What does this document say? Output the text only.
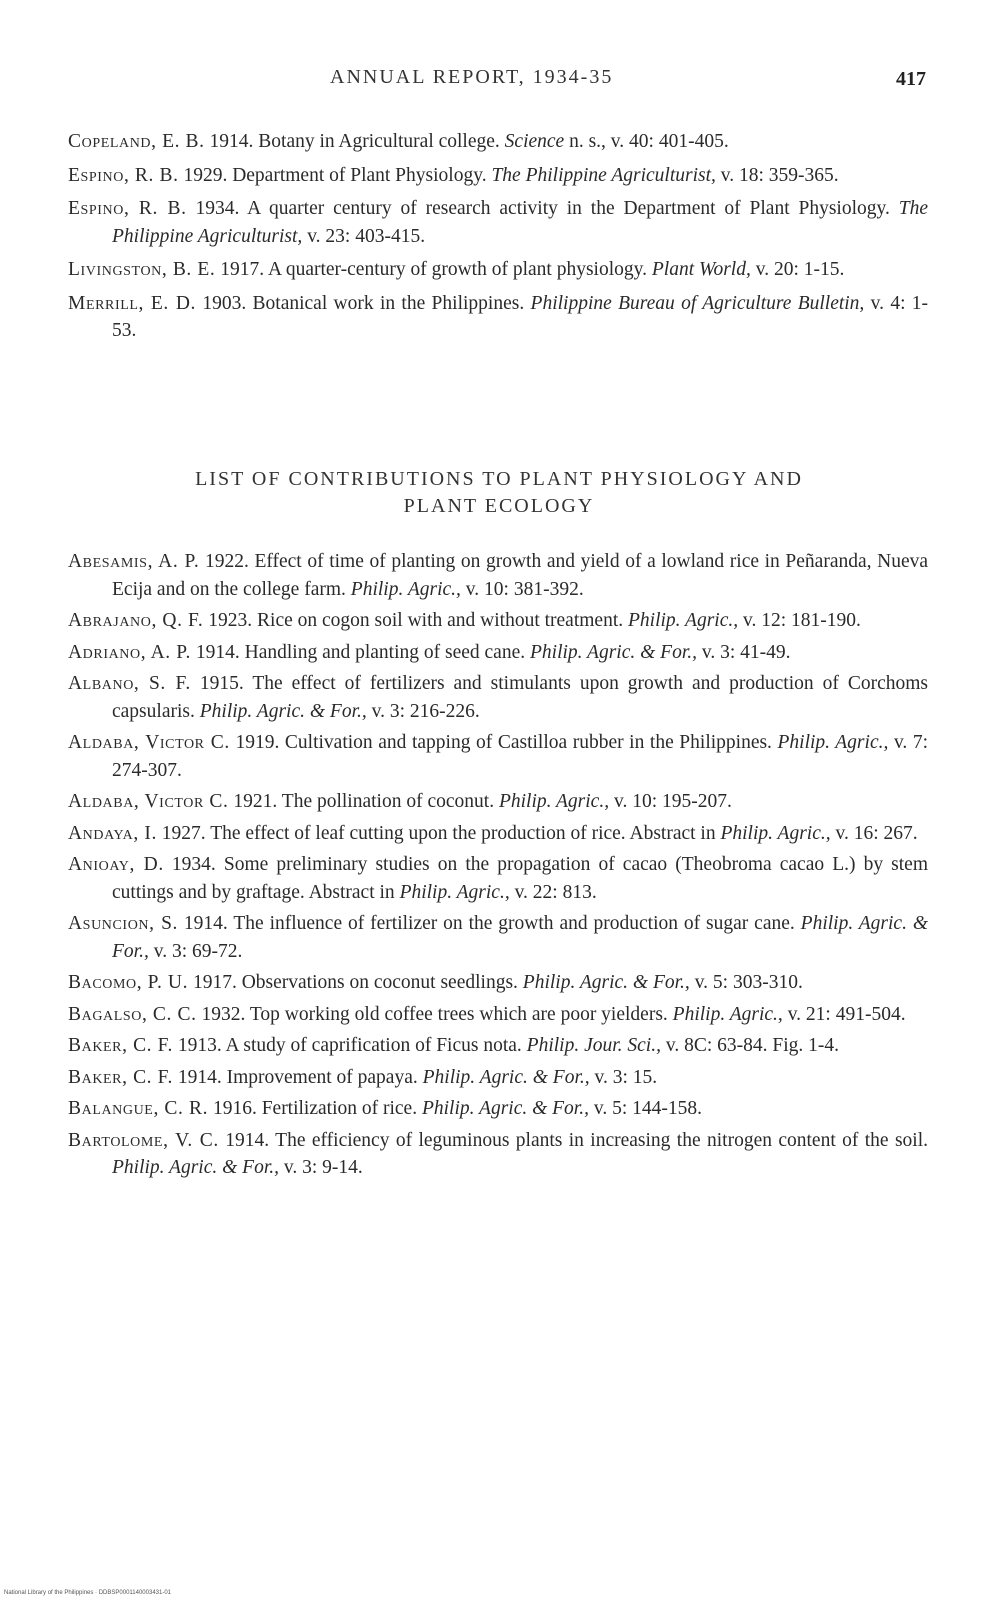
ANNUAL REPORT, 1934-35	417
Copeland, E. B. 1914. Botany in Agricultural college. Science n. s., v. 40: 401-405.
Espino, R. B. 1929. Department of Plant Physiology. The Philippine Agriculturist, v. 18: 359-365.
Espino, R. B. 1934. A quarter century of research activity in the Department of Plant Physiology. The Philippine Agriculturist, v. 23: 403-415.
Livingston, B. E. 1917. A quarter-century of growth of plant physiology. Plant World, v. 20: 1-15.
Merrill, E. D. 1903. Botanical work in the Philippines. Philippine Bureau of Agriculture Bulletin, v. 4: 1-53.
LIST OF CONTRIBUTIONS TO PLANT PHYSIOLOGY AND
PLANT ECOLOGY
Abesamis, A. P. 1922. Effect of time of planting on growth and yield of a lowland rice in Peñaranda, Nueva Ecija and on the college farm. Philip. Agric., v. 10: 381-392.
Abrajano, Q. F. 1923. Rice on cogon soil with and without treatment. Philip. Agric., v. 12: 181-190.
Adriano, A. P. 1914. Handling and planting of seed cane. Philip. Agric. & For., v. 3: 41-49.
Albano, S. F. 1915. The effect of fertilizers and stimulants upon growth and production of Corchoms capsularis. Philip. Agric. & For., v. 3: 216-226.
Aldaba, Victor C. 1919. Cultivation and tapping of Castilloa rubber in the Philippines. Philip. Agric., v. 7: 274-307.
Aldaba, Victor C. 1921. The pollination of coconut. Philip. Agric., v. 10: 195-207.
Andaya, I. 1927. The effect of leaf cutting upon the production of rice. Abstract in Philip. Agric., v. 16: 267.
Anioay, D. 1934. Some preliminary studies on the propagation of cacao (Theobroma cacao L.) by stem cuttings and by graftage. Abstract in Philip. Agric., v. 22: 813.
Asuncion, S. 1914. The influence of fertilizer on the growth and production of sugar cane. Philip. Agric. & For., v. 3: 69-72.
Bacomo, P. U. 1917. Observations on coconut seedlings. Philip. Agric. & For., v. 5: 303-310.
Bagalso, C. C. 1932. Top working old coffee trees which are poor yielders. Philip. Agric., v. 21: 491-504.
Baker, C. F. 1913. A study of caprification of Ficus nota. Philip. Jour. Sci., v. 8C: 63-84. Fig. 1-4.
Baker, C. F. 1914. Improvement of papaya. Philip. Agric. & For., v. 3: 15.
Balangue, C. R. 1916. Fertilization of rice. Philip. Agric. & For., v. 5: 144-158.
Bartolome, V. C. 1914. The efficiency of leguminous plants in increasing the nitrogen content of the soil. Philip. Agric. & For., v. 3: 9-14.
National Library of the Philippines · DDBSP0001140003431-01
